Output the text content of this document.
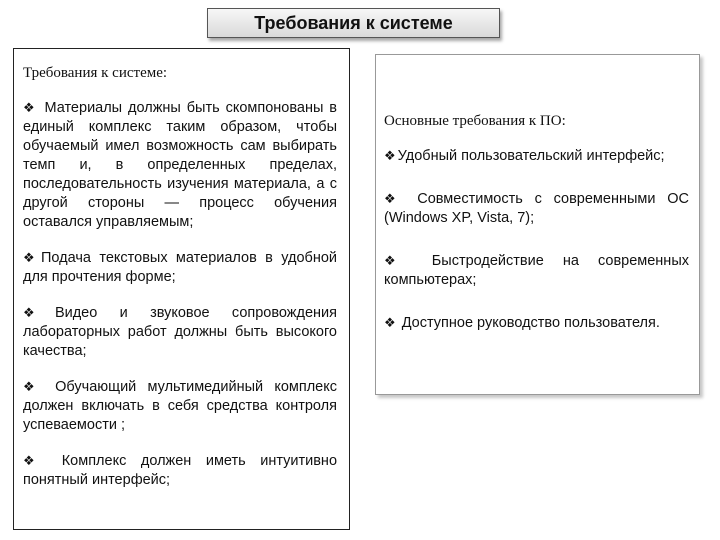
Требования к системе
Требования к системе:
❖ Материалы должны быть скомпонованы в единый комплекс таким образом, чтобы обучаемый имел возможность сам выбирать темп и, в определенных пределах, последовательность изучения материала, а с другой стороны — процесс обучения оставался управляемым;
❖ Подача текстовых материалов в удобной для прочтения форме;
❖ Видео и звуковое сопровождения лабораторных работ должны быть высокого качества;
❖ Обучающий мультимедийный комплекс должен включать в себя средства контроля успеваемости ;
❖ Комплекс должен иметь интуитивно понятный интерфейс;
Основные требования к ПО:
❖ Удобный пользовательский интерфейс;
❖ Совместимость с современными ОС (Windows XP, Vista, 7);
❖ Быстродействие на современных компьютерах;
❖ Доступное руководство пользователя.
